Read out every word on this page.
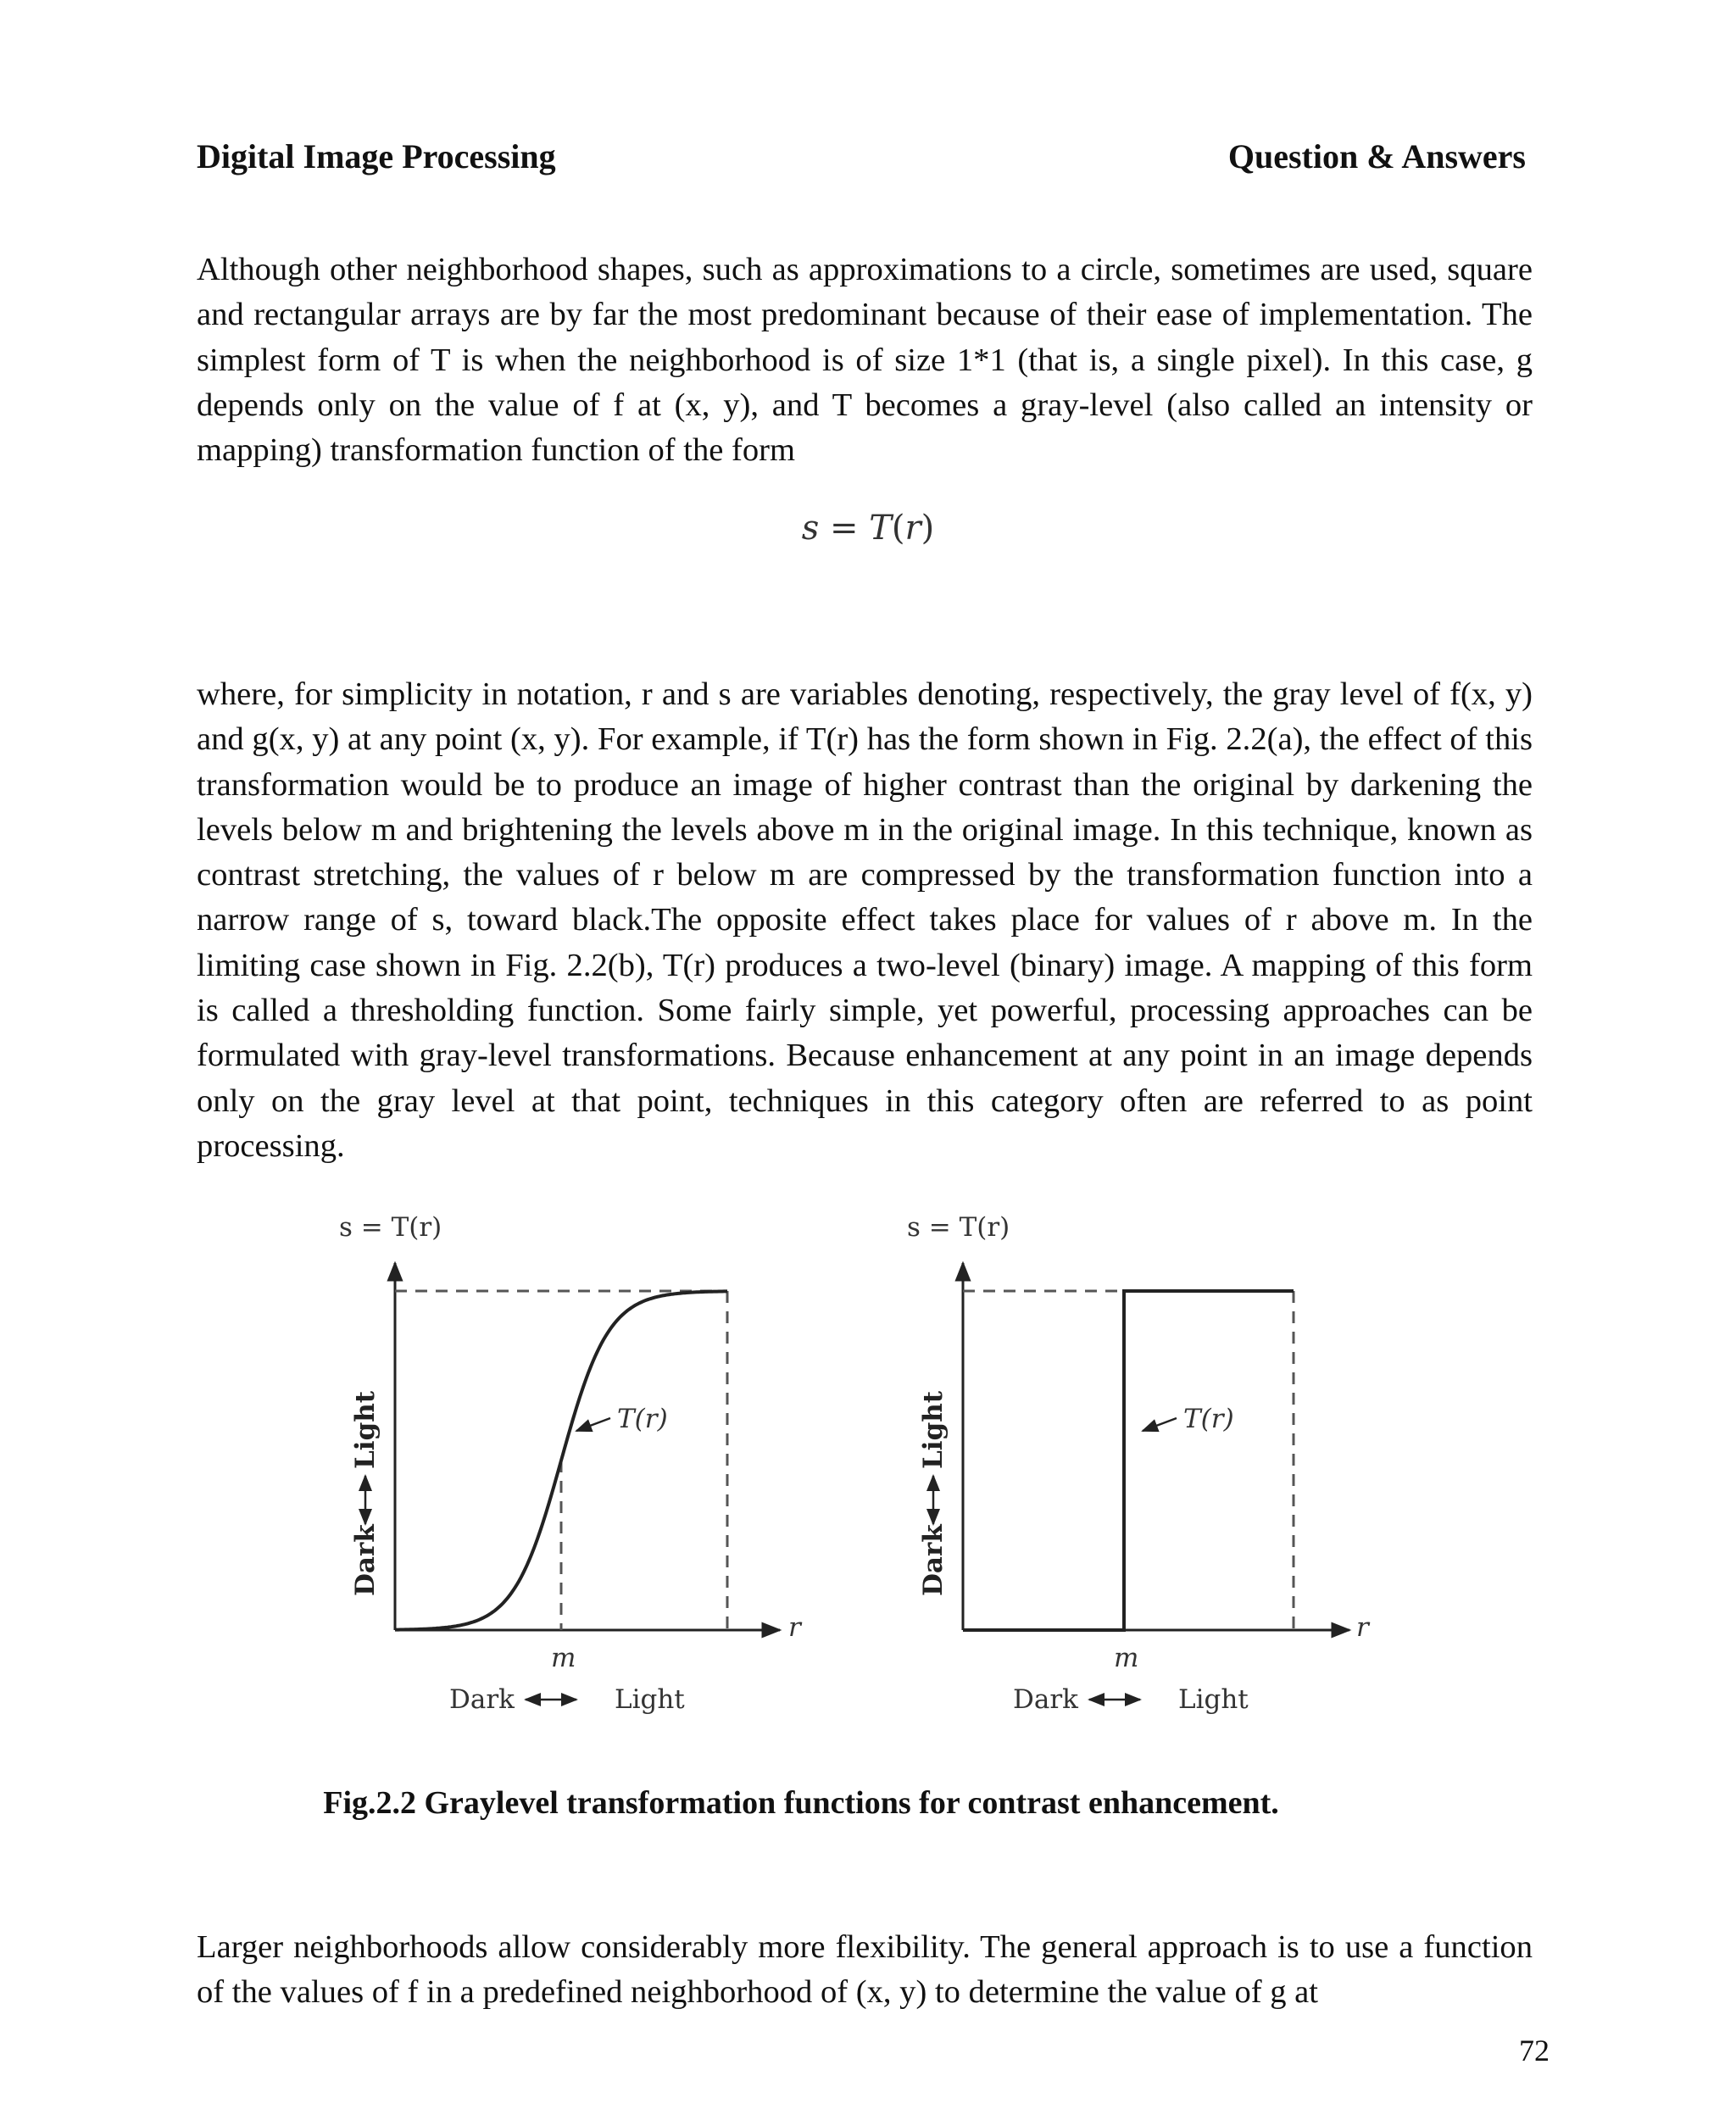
Digital Image Processing	Question & Answers

Although other neighborhood shapes, such as approximations to a circle, sometimes are used, square and rectangular arrays are by far the most predominant because of their ease of implementation. The simplest form of T is when the neighborhood is of size 1*1 (that is, a single pixel). In this case, g depends only on the value of f at (x, y), and T becomes a gray-level (also called an intensity or mapping) transformation function of the form

s = T(r)

where, for simplicity in notation, r and s are variables denoting, respectively, the gray level of f(x, y) and g(x, y) at any point (x, y). For example, if T(r) has the form shown in Fig. 2.2(a), the effect of this transformation would be to produce an image of higher contrast than the original by darkening the levels below m and brightening the levels above m in the original image. In this technique, known as contrast stretching, the values of r below m are compressed by the transformation function into a narrow range of s, toward black.The opposite effect takes place for values of r above m. In the limiting case shown in Fig. 2.2(b), T(r) produces a two-level (binary) image. A mapping of this form is called a thresholding function. Some fairly simple, yet powerful, processing approaches can be formulated with gray-level transformations. Because enhancement at any point in an image depends only on the gray level at that point, techniques in this category often are referred to as point processing.

s = T(r)
T(r)
r
m
Dark	Light
Dark
Light
s = T(r)
T(r)
r
m
Dark	Light
Dark
Light
Fig.2.2 Graylevel transformation functions for contrast enhancement.

Larger neighborhoods allow considerably more flexibility. The general approach is to use a function of the values of f in a predefined neighborhood of (x, y) to determine the value of g at

72
